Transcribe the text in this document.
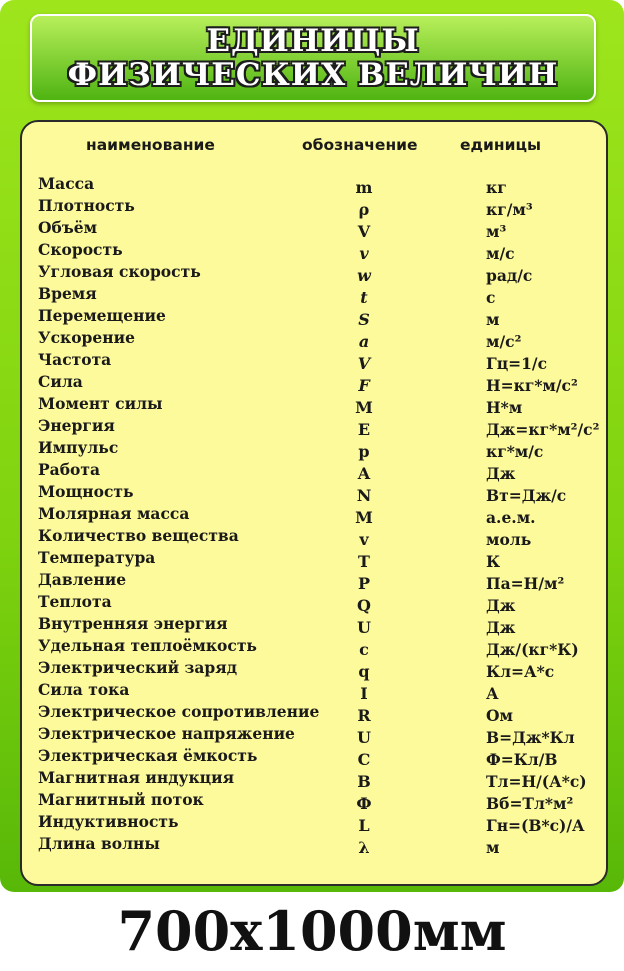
ЕДИНИЦЫ
ФИЗИЧЕСКИХ ВЕЛИЧИН
наименование	обозначение	единицы
Масса	m	кг
Плотность	ρ	кг/м³
Объём	V	м³
Скорость	v	м/с
Угловая скорость	w	рад/с
Время	t	с
Перемещение	S	м
Ускорение	a	м/с²
Частота	V	Гц=1/с
Сила	F	Н=кг*м/с²
Момент силы	M	Н*м
Энергия	E	Дж=кг*м²/с²
Импульс	p	кг*м/с
Работа	A	Дж
Мощность	N	Вт=Дж/с
Молярная масса	M	а.е.м.
Количество вещества	v	моль
Температура	T	К
Давление	P	Па=Н/м²
Теплота	Q	Дж
Внутренняя энергия	U	Дж
Удельная теплоёмкость	c	Дж/(кг*К)
Электрический заряд	q	Кл=А*с
Сила тока	I	А
Электрическое сопротивление	R	Ом
Электрическое напряжение	U	В=Дж*Кл
Электрическая ёмкость	C	Ф=Кл/В
Магнитная индукция	B	Тл=Н/(А*с)
Магнитный поток	Ф	Вб=Тл*м²
Индуктивность	L	Гн=(В*с)/А
Длина волны	λ	м
700х1000мм
